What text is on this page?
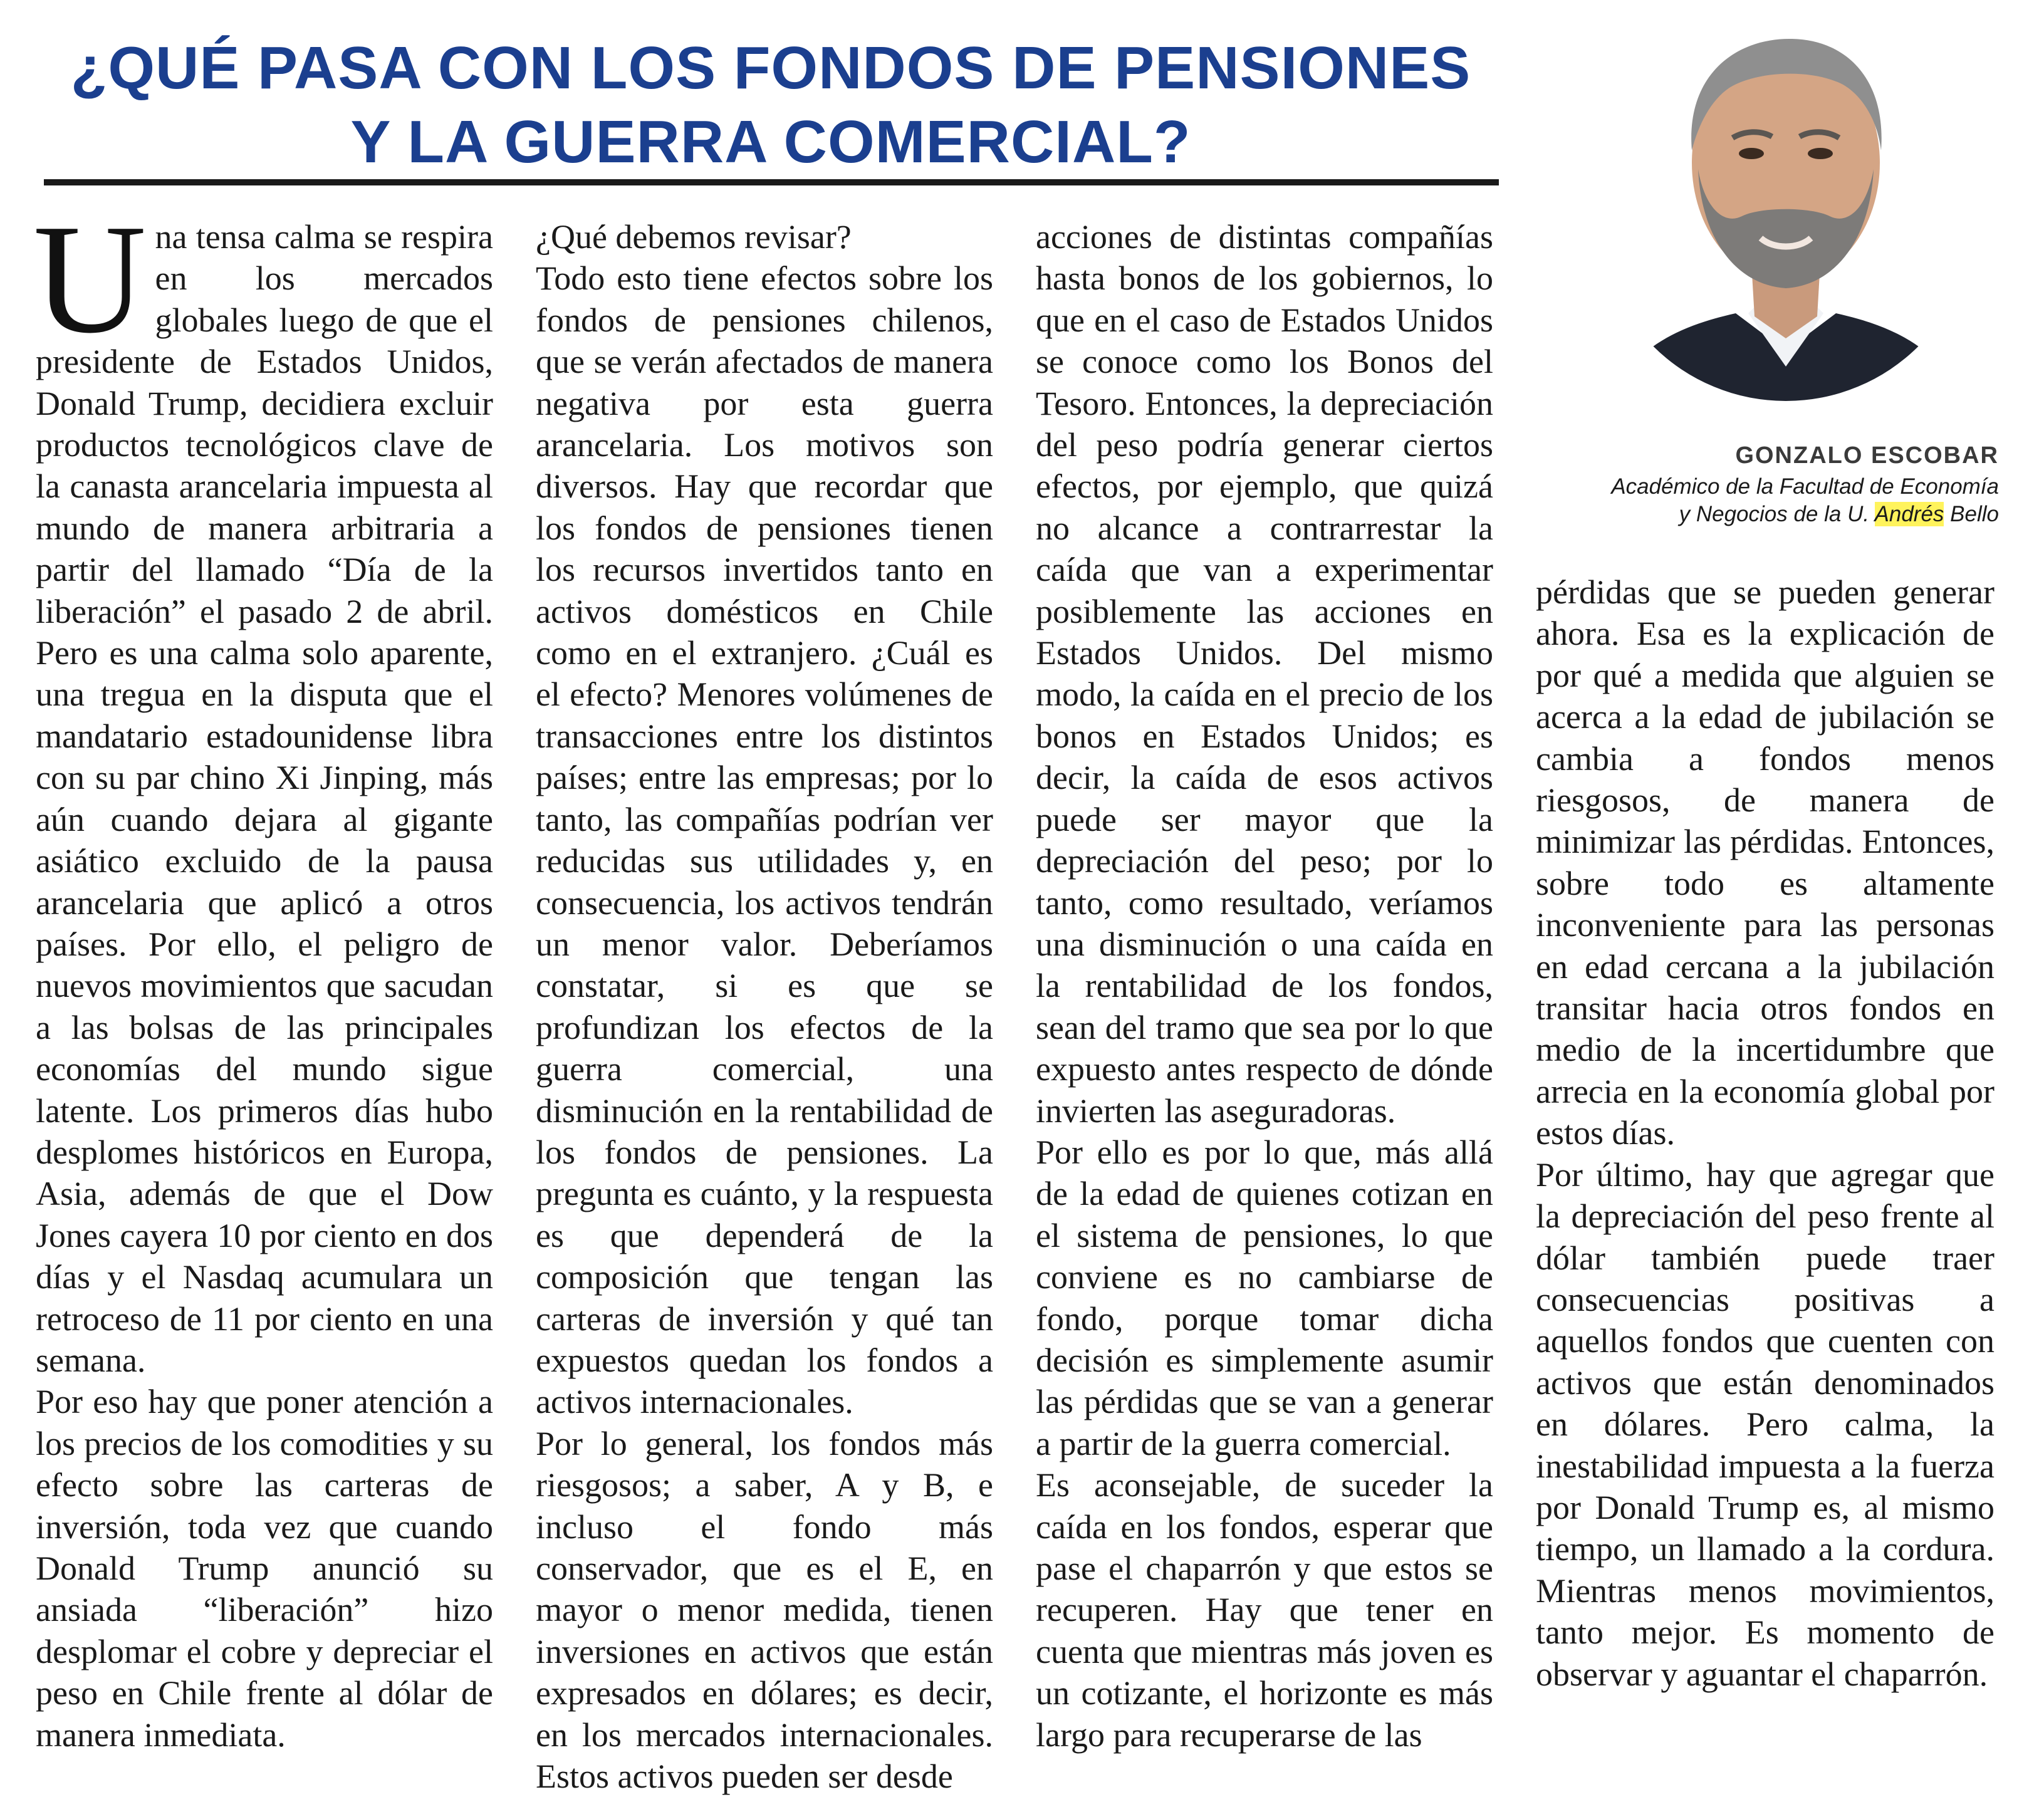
¿QUÉ PASA CON LOS FONDOS DE PENSIONES
Y LA GUERRA COMERCIAL?
U na tensa calma se respira en los mercados globales luego de que el presidente de Estados Unidos, Donald Trump, decidiera excluir productos tecnológicos clave de la canasta arancelaria impuesta al mundo de manera arbitraria a partir del llamado “Día de la liberación” el pasado 2 de abril. Pero es una calma solo aparente, una tregua en la disputa que el mandatario estadounidense libra con su par chino Xi Jinping, más aún cuando dejara al gigante asiático excluido de la pausa arancelaria que aplicó a otros países. Por ello, el peligro de nuevos movimientos que sacudan a las bolsas de las principales economías del mundo sigue latente. Los primeros días hubo desplomes históricos en Europa, Asia, además de que el Dow Jones cayera 10 por ciento en dos días y el Nasdaq acumulara un retroceso de 11 por ciento en una semana.

Por eso hay que poner atención a los precios de los comodities y su efecto sobre las carteras de inversión, toda vez que cuando Donald Trump anunció su ansiada “liberación” hizo desplomar el cobre y depreciar el peso en Chile frente al dólar de manera inmediata.

¿Qué debemos revisar?

Todo esto tiene efectos sobre los fondos de pensiones chilenos, que se verán afectados de manera negativa por esta guerra arancelaria. Los motivos son diversos. Hay que recordar que los fondos de pensiones tienen los recursos invertidos tanto en activos domésticos en Chile como en el extranjero. ¿Cuál es el efecto? Menores volúmenes de transacciones entre los distintos países; entre las empresas; por lo tanto, las compañías podrían ver reducidas sus utilidades y, en consecuencia, los activos tendrán un menor valor. Deberíamos constatar, si es que se profundizan los efectos de la guerra comercial, una disminución en la rentabilidad de los fondos de pensiones. La pregunta es cuánto, y la respuesta es que dependerá de la composición que tengan las carteras de inversión y qué tan expuestos quedan los fondos a activos internacionales.

Por lo general, los fondos más riesgosos; a saber, A y B, e incluso el fondo más conservador, que es el E, en mayor o menor medida, tienen inversiones en activos que están expresados en dólares; es decir, en los mercados internacionales. Estos activos pueden ser desde

acciones de distintas compañías hasta bonos de los gobiernos, lo que en el caso de Estados Unidos se conoce como los Bonos del Tesoro. Entonces, la depreciación del peso podría generar ciertos efectos, por ejemplo, que quizá no alcance a contrarrestar la caída que van a experimentar posiblemente las acciones en Estados Unidos. Del mismo modo, la caída en el precio de los bonos en Estados Unidos; es decir, la caída de esos activos puede ser mayor que la depreciación del peso; por lo tanto, como resultado, veríamos una disminución o una caída en la rentabilidad de los fondos, sean del tramo que sea por lo que expuesto antes respecto de dónde invierten las aseguradoras.

Por ello es por lo que, más allá de la edad de quienes cotizan en el sistema de pensiones, lo que conviene es no cambiarse de fondo, porque tomar dicha decisión es simplemente asumir las pérdidas que se van a generar a partir de la guerra comercial.

Es aconsejable, de suceder la caída en los fondos, esperar que pase el chaparrón y que estos se recuperen. Hay que tener en cuenta que mientras más joven es un cotizante, el horizonte es más largo para recuperarse de las

GONZALO ESCOBAR

Académico de la Facultad de Economía

y Negocios de la U. Andrés Bello

pérdidas que se pueden generar ahora. Esa es la explicación de por qué a medida que alguien se acerca a la edad de jubilación se cambia a fondos menos riesgosos, de manera de minimizar las pérdidas. Entonces, sobre todo es altamente inconveniente para las personas en edad cercana a la jubilación transitar hacia otros fondos en medio de la incertidumbre que arrecia en la economía global por estos días.

Por último, hay que agregar que la depreciación del peso frente al dólar también puede traer consecuencias positivas a aquellos fondos que cuenten con activos que están denominados en dólares. Pero calma, la inestabilidad impuesta a la fuerza por Donald Trump es, al mismo tiempo, un llamado a la cordura. Mientras menos movimientos, tanto mejor. Es momento de observar y aguantar el chaparrón.
